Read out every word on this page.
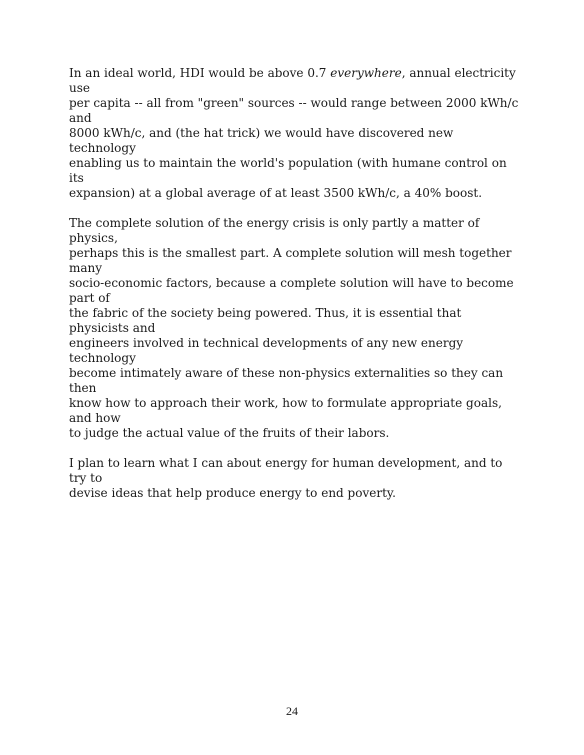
In an ideal world, HDI would be above 0.7 everywhere, annual electricity use
per capita -- all from "green" sources -- would range between 2000 kWh/c and
8000 kWh/c, and (the hat trick) we would have discovered new technology
enabling us to maintain the world's population (with humane control on its
expansion) at a global average of at least 3500 kWh/c, a 40% boost.

The complete solution of the energy crisis is only partly a matter of physics,
perhaps this is the smallest part. A complete solution will mesh together many
socio-economic factors, because a complete solution will have to become part of
the fabric of the society being powered. Thus, it is essential that physicists and
engineers involved in technical developments of any new energy technology
become intimately aware of these non-physics externalities so they can then
know how to approach their work, how to formulate appropriate goals, and how
to judge the actual value of the fruits of their labors.

I plan to learn what I can about energy for human development, and to try to
devise ideas that help produce energy to end poverty.

24
